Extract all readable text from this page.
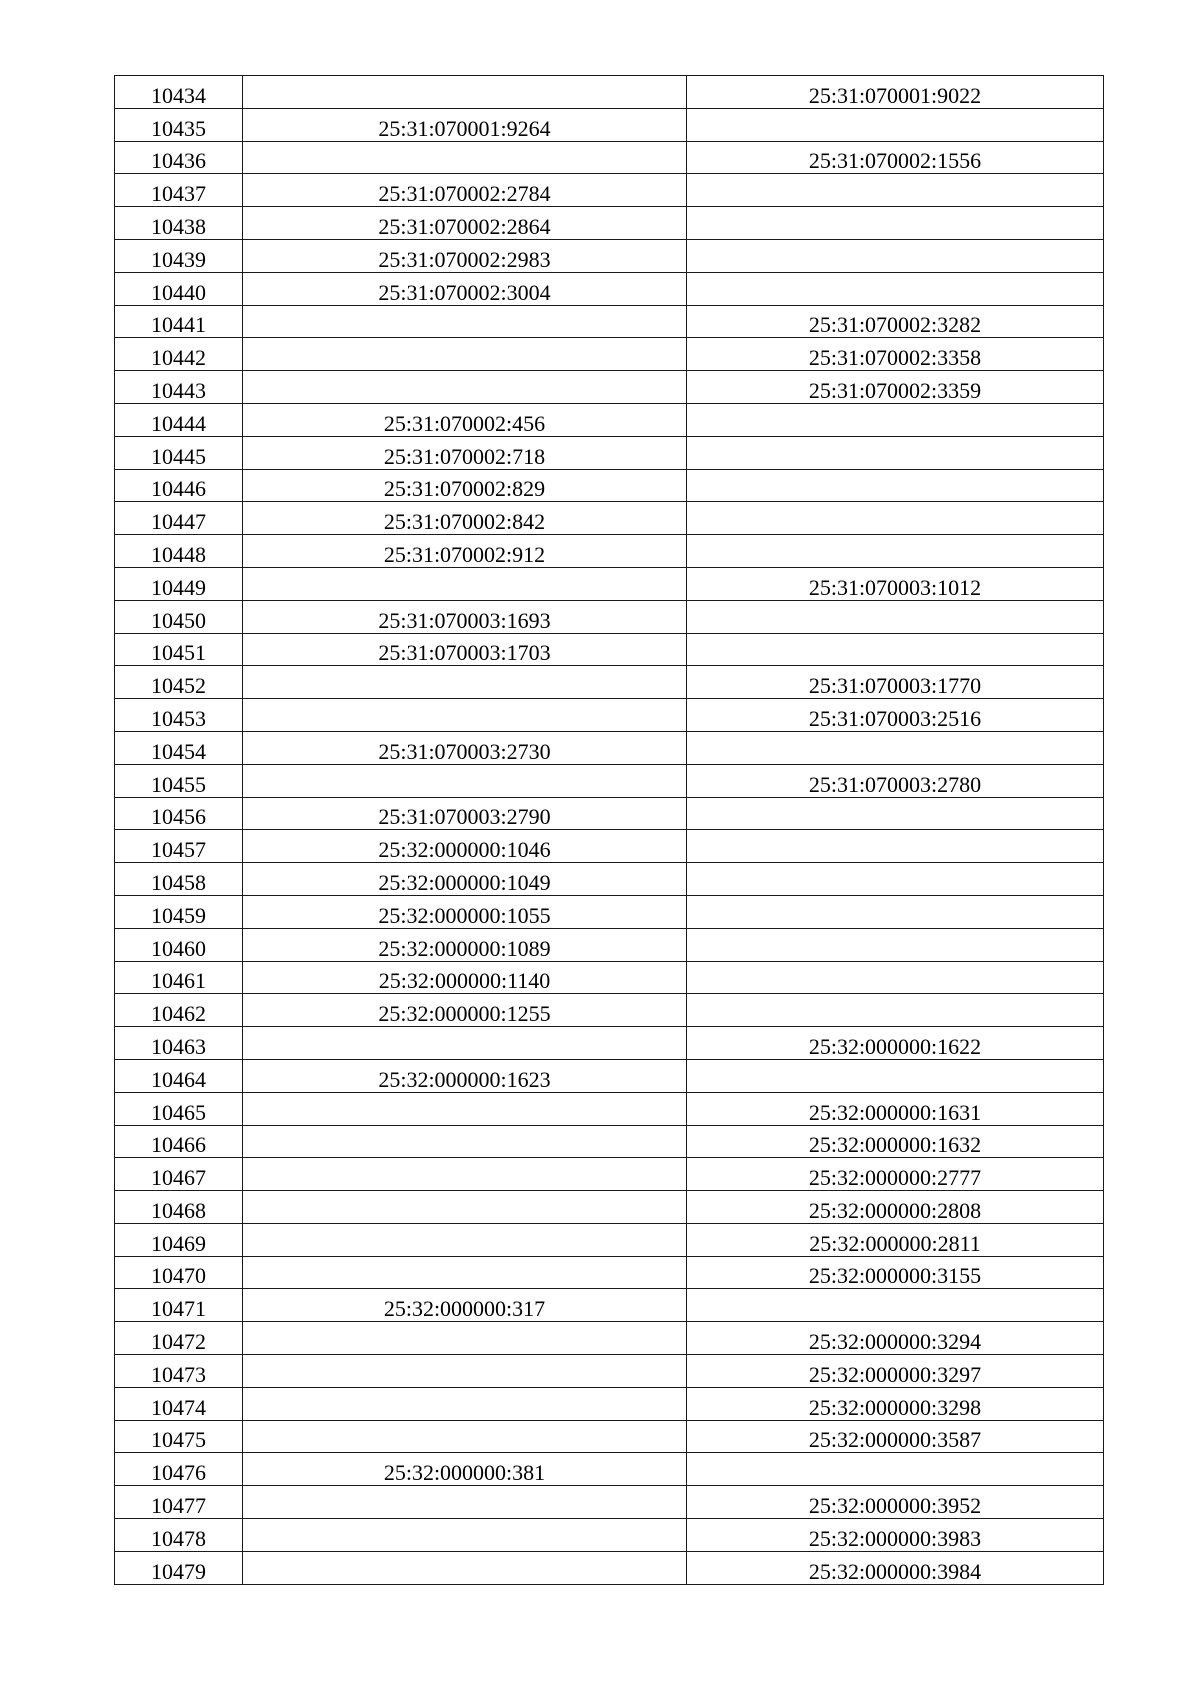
10434		25:31:070001:9022
10435	25:31:070001:9264	
10436		25:31:070002:1556
10437	25:31:070002:2784	
10438	25:31:070002:2864	
10439	25:31:070002:2983	
10440	25:31:070002:3004	
10441		25:31:070002:3282
10442		25:31:070002:3358
10443		25:31:070002:3359
10444	25:31:070002:456	
10445	25:31:070002:718	
10446	25:31:070002:829	
10447	25:31:070002:842	
10448	25:31:070002:912	
10449		25:31:070003:1012
10450	25:31:070003:1693	
10451	25:31:070003:1703	
10452		25:31:070003:1770
10453		25:31:070003:2516
10454	25:31:070003:2730	
10455		25:31:070003:2780
10456	25:31:070003:2790	
10457	25:32:000000:1046	
10458	25:32:000000:1049	
10459	25:32:000000:1055	
10460	25:32:000000:1089	
10461	25:32:000000:1140	
10462	25:32:000000:1255	
10463		25:32:000000:1622
10464	25:32:000000:1623	
10465		25:32:000000:1631
10466		25:32:000000:1632
10467		25:32:000000:2777
10468		25:32:000000:2808
10469		25:32:000000:2811
10470		25:32:000000:3155
10471	25:32:000000:317	
10472		25:32:000000:3294
10473		25:32:000000:3297
10474		25:32:000000:3298
10475		25:32:000000:3587
10476	25:32:000000:381	
10477		25:32:000000:3952
10478		25:32:000000:3983
10479		25:32:000000:3984
